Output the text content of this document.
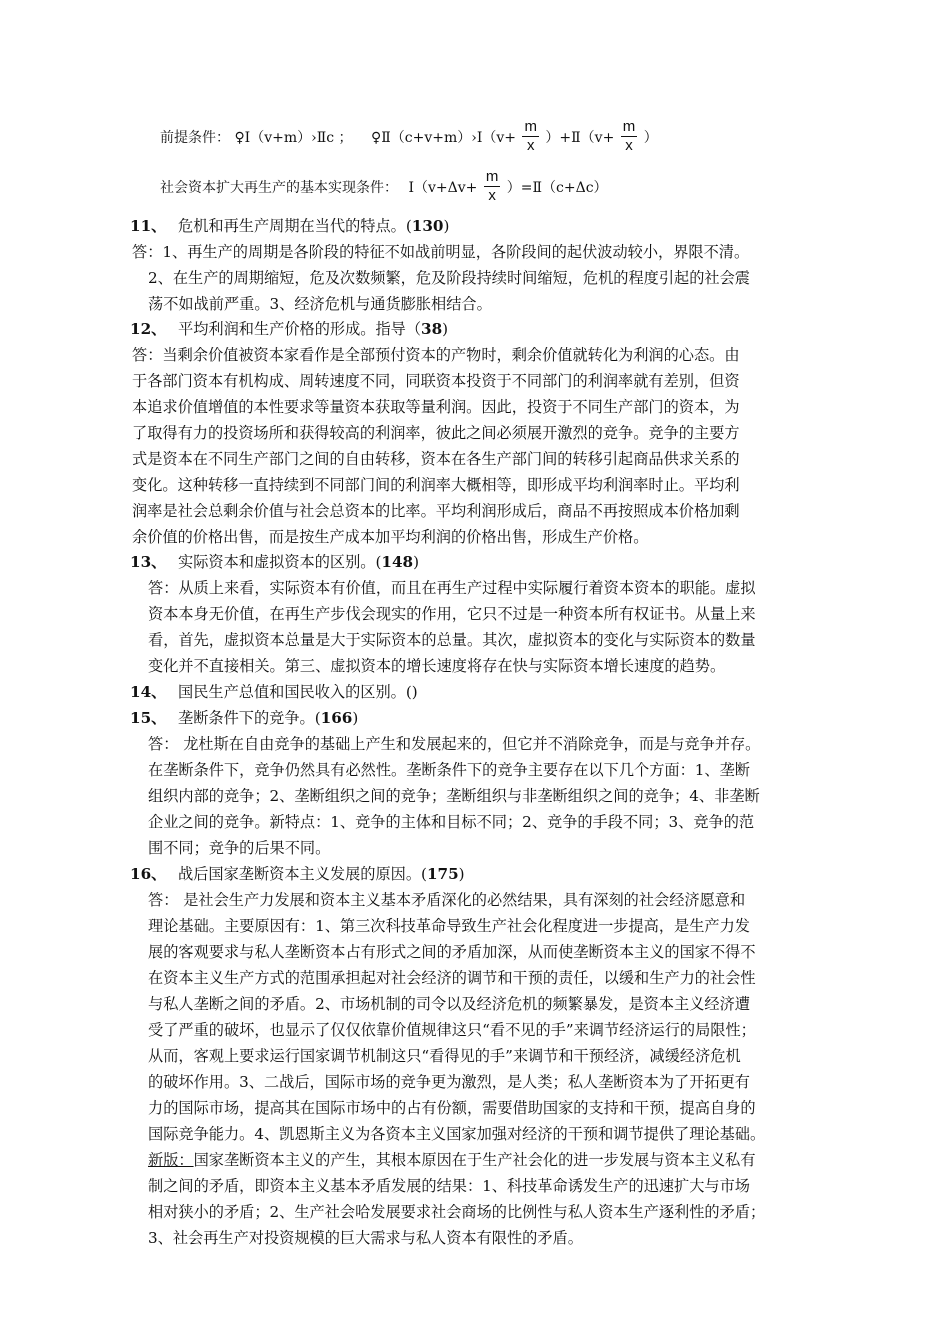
前提条件： ♀Ⅰ（v+m）›Ⅱc ； ♀Ⅱ（c+v+m）›Ⅰ（v+ $\frac{m}{x}$ ）+Ⅱ（v+ $\frac{m}{x}$ ）
社会资本扩大再生产的基本实现条件： Ⅰ（v+Δv+ $\frac{m}{x}$ ）=Ⅱ（c+Δc）
11、 危机和再生产周期在当代的特点。(130)
答：1、再生产的周期是各阶段的特征不如战前明显，各阶段间的起伏波动较小，界限不清。
2、在生产的周期缩短，危及次数频繁，危及阶段持续时间缩短，危机的程度引起的社会震
荡不如战前严重。3、经济危机与通货膨胀相结合。
12、 平均利润和生产价格的形成。指导（38)
答：当剩余价值被资本家看作是全部预付资本的产物时，剩余价值就转化为利润的心态。由
于各部门资本有机构成、周转速度不同，同联资本投资于不同部门的利润率就有差别，但资
本追求价值增值的本性要求等量资本获取等量利润。因此，投资于不同生产部门的资本，为
了取得有力的投资场所和获得较高的利润率，彼此之间必须展开激烈的竞争。竞争的主要方
式是资本在不同生产部门之间的自由转移，资本在各生产部门间的转移引起商品供求关系的
变化。这种转移一直持续到不同部门间的利润率大概相等，即形成平均利润率时止。平均利
润率是社会总剩余价值与社会总资本的比率。平均利润形成后，商品不再按照成本价格加剩
余价值的价格出售，而是按生产成本加平均利润的价格出售，形成生产价格。
13、 实际资本和虚拟资本的区别。(148)
答：从质上来看，实际资本有价值，而且在再生产过程中实际履行着资本资本的职能。虚拟
资本本身无价值，在再生产步伐会现实的作用，它只不过是一种资本所有权证书。从量上来
看，首先，虚拟资本总量是大于实际资本的总量。其次，虚拟资本的变化与实际资本的数量
变化并不直接相关。第三、虚拟资本的增长速度将存在快与实际资本增长速度的趋势。
14、 国民生产总值和国民收入的区别。()
15、 垄断条件下的竞争。(166)
答： 龙杜斯在自由竞争的基础上产生和发展起来的，但它并不消除竞争，而是与竞争并存。
在垄断条件下，竞争仍然具有必然性。垄断条件下的竞争主要存在以下几个方面：1、垄断
组织内部的竞争；2、垄断组织之间的竞争；垄断组织与非垄断组织之间的竞争；4、非垄断
企业之间的竞争。新特点：1、竞争的主体和目标不同；2、竞争的手段不同；3、竞争的范
围不同；竞争的后果不同。
16、 战后国家垄断资本主义发展的原因。(175)
答： 是社会生产力发展和资本主义基本矛盾深化的必然结果，具有深刻的社会经济愿意和
理论基础。主要原因有：1、第三次科技革命导致生产社会化程度进一步提高，是生产力发
展的客观要求与私人垄断资本占有形式之间的矛盾加深，从而使垄断资本主义的国家不得不
在资本主义生产方式的范围承担起对社会经济的调节和干预的责任，以缓和生产力的社会性
与私人垄断之间的矛盾。2、市场机制的司令以及经济危机的频繁暴发，是资本主义经济遭
受了严重的破坏，也显示了仅仅依靠价值规律这只“看不见的手”来调节经济运行的局限性；
从而，客观上要求运行国家调节机制这只“看得见的手”来调节和干预经济，减缓经济危机
的破坏作用。3、二战后，国际市场的竞争更为激烈，是人类；私人垄断资本为了开拓更有
力的国际市场，提高其在国际市场中的占有份额，需要借助国家的支持和干预，提高自身的
国际竞争能力。4、凯恩斯主义为各资本主义国家加强对经济的干预和调节提供了理论基础。
新版：国家垄断资本主义的产生，其根本原因在于生产社会化的进一步发展与资本主义私有
制之间的矛盾，即资本主义基本矛盾发展的结果：1、科技革命诱发生产的迅速扩大与市场
相对狭小的矛盾；2、生产社会哈发展要求社会商场的比例性与私人资本生产逐利性的矛盾；
3、社会再生产对投资规模的巨大需求与私人资本有限性的矛盾。
